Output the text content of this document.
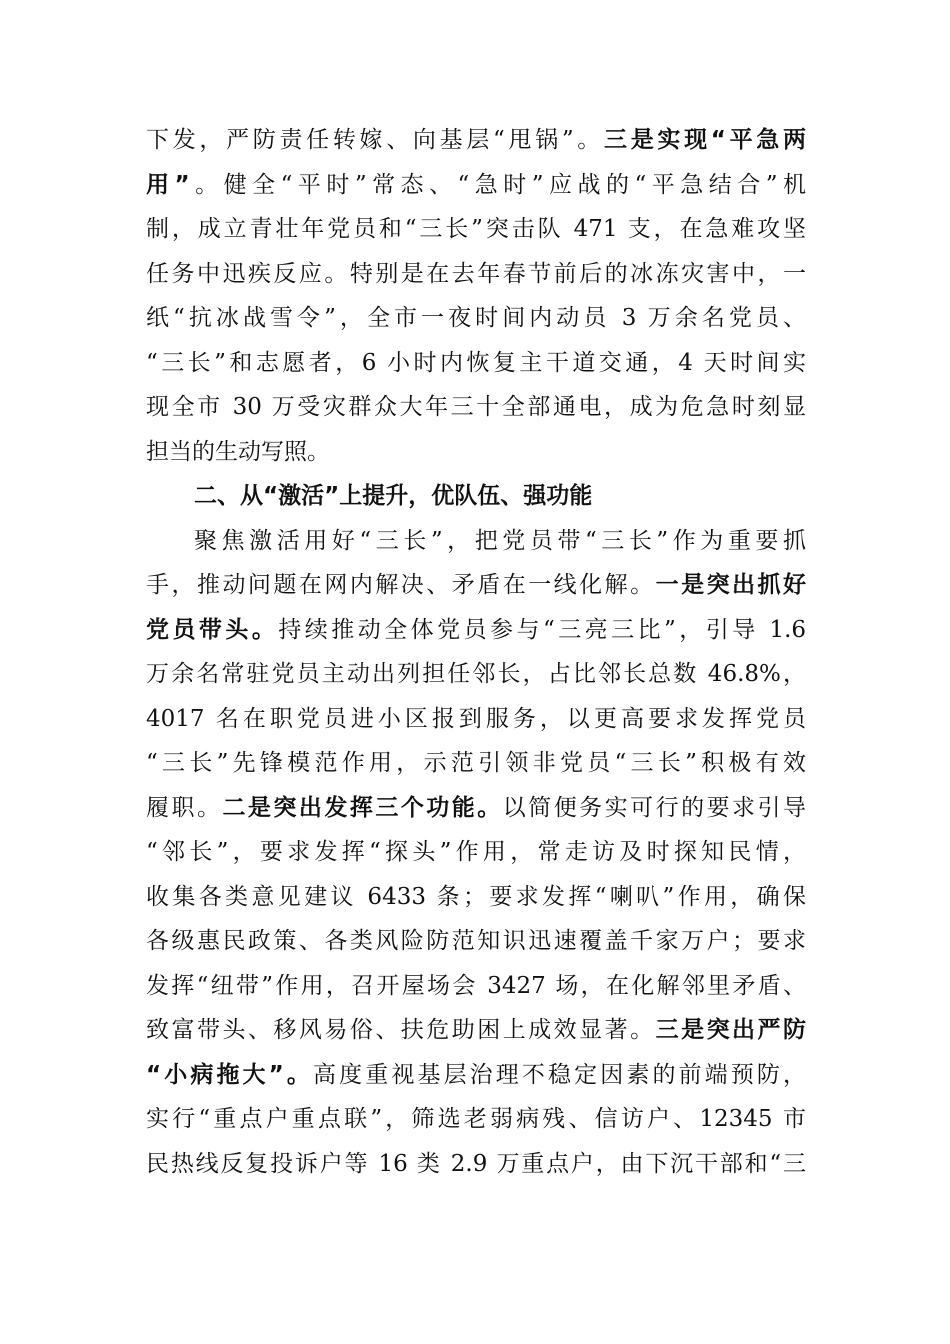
下发，严防责任转嫁、向基层“甩锅”。三是实现“平急两
用”。健全“平时”常态、“急时”应战的“平急结合”机
制，成立青壮年党员和“三长”突击队 471 支，在急难攻坚
任务中迅疾反应。特别是在去年春节前后的冰冻灾害中，一
纸“抗冰战雪令”，全市一夜时间内动员 3 万余名党员、
“三长”和志愿者，6 小时内恢复主干道交通，4 天时间实
现全市 30 万受灾群众大年三十全部通电，成为危急时刻显
担当的生动写照。
二、从“激活”上提升，优队伍、强功能
聚焦激活用好“三长”，把党员带“三长”作为重要抓
手，推动问题在网内解决、矛盾在一线化解。一是突出抓好
党员带头。持续推动全体党员参与“三亮三比”，引导 1.6
万余名常驻党员主动出列担任邻长，占比邻长总数 46.8%，
4017 名在职党员进小区报到服务，以更高要求发挥党员
“三长”先锋模范作用，示范引领非党员“三长”积极有效
履职。二是突出发挥三个功能。以简便务实可行的要求引导
“邻长”，要求发挥“探头”作用，常走访及时探知民情，
收集各类意见建议 6433 条；要求发挥“喇叭”作用，确保
各级惠民政策、各类风险防范知识迅速覆盖千家万户；要求
发挥“纽带”作用，召开屋场会 3427 场，在化解邻里矛盾、
致富带头、移风易俗、扶危助困上成效显著。三是突出严防
“小病拖大”。高度重视基层治理不稳定因素的前端预防，
实行“重点户重点联”，筛选老弱病残、信访户、12345 市
民热线反复投诉户等 16 类 2.9 万重点户，由下沉干部和“三
